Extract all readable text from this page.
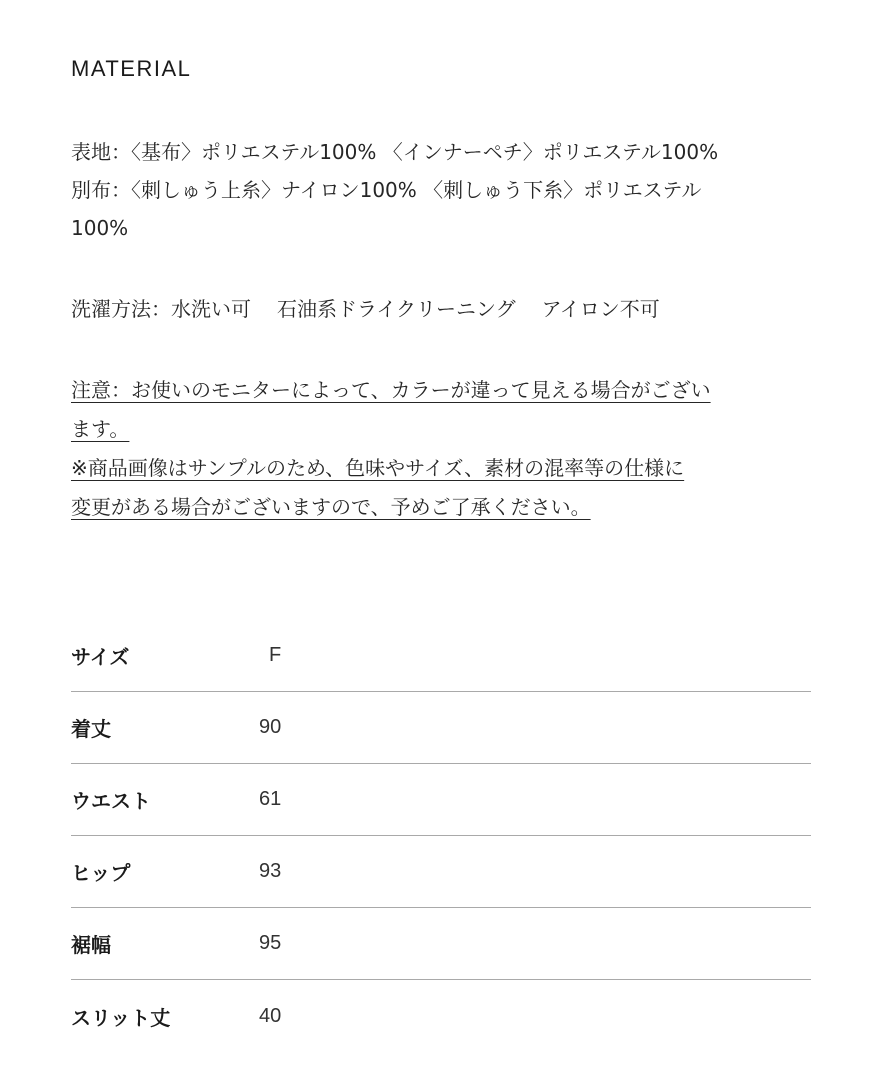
MATERIAL

表地：〈基布〉ポリエステル100% 〈インナーペチ〉ポリエステル100%

別布：〈刺しゅう上糸〉ナイロン100% 〈刺しゅう下糸〉ポリエステル

100%

洗濯方法：水洗い可 石油系ドライクリーニング アイロン不可

注意：お使いのモニターによって、カラーが違って見える場合がござい

ます。

※商品画像はサンプルのため、色味やサイズ、素材の混率等の仕様に

変更がある場合がございますので、予めご了承ください。

サイズ	F
着丈	90
ウエスト	61
ヒップ	93
裾幅	95
スリット丈	40
